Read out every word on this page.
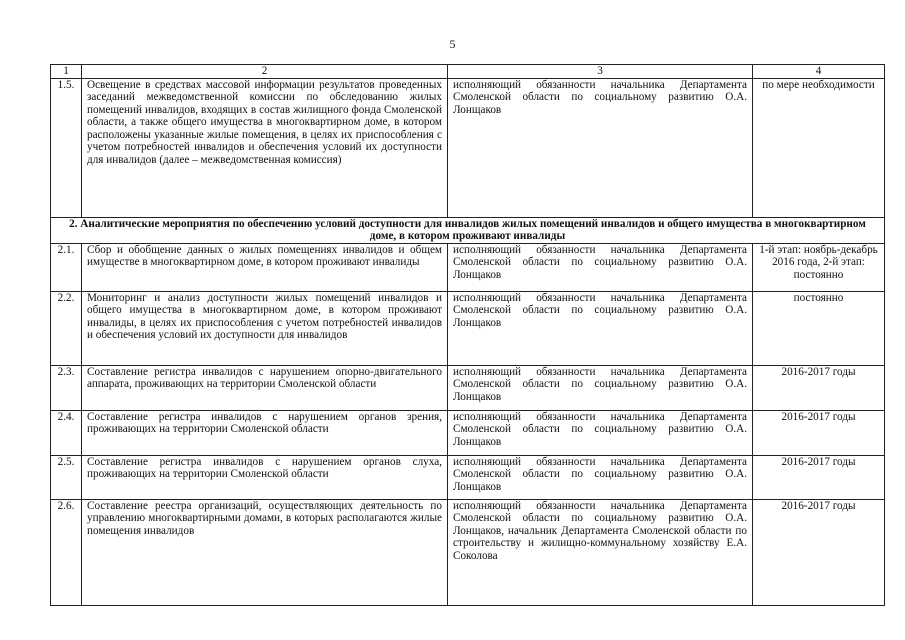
5
1	2	3	4
1.5.	Освещение в средствах массовой информации результатов проведенных заседаний межведомственной комиссии по обследованию жилых помещений инвалидов, входящих в состав жилищного фонда Смоленской области, а также общего имущества в многоквартирном доме, в котором расположены указанные жилые помещения, в целях их приспособления с учетом потребностей инвалидов и обеспечения условий их доступности для инвалидов (далее – межведомственная комиссия)	исполняющий обязанности начальника Департамента Смоленской области по социальному развитию О.А. Лонщаков	по мере необходимости
2. Аналитические мероприятия по обеспечению условий доступности для инвалидов жилых помещений инвалидов и общего имущества в многоквартирном доме, в котором проживают инвалиды			
2.1.	Сбор и обобщение данных о жилых помещениях инвалидов и общем имуществе в многоквартирном доме, в котором проживают инвалиды	исполняющий обязанности начальника Департамента Смоленской области по социальному развитию О.А. Лонщаков	1-й этап: ноябрь-декабрь 2016 года, 2-й этап: постоянно
2.2.	Мониторинг и анализ доступности жилых помещений инвалидов и общего имущества в многоквартирном доме, в котором проживают инвалиды, в целях их приспособления с учетом потребностей инвалидов и обеспечения условий их доступности для инвалидов	исполняющий обязанности начальника Департамента Смоленской области по социальному развитию О.А. Лонщаков	постоянно
2.3.	Составление регистра инвалидов с нарушением опорно-двигательного аппарата, проживающих на территории Смоленской области	исполняющий обязанности начальника Департамента Смоленской области по социальному развитию О.А. Лонщаков	2016-2017 годы
2.4.	Составление регистра инвалидов с нарушением органов зрения, проживающих на территории Смоленской области	исполняющий обязанности начальника Департамента Смоленской области по социальному развитию О.А. Лонщаков	2016-2017 годы
2.5.	Составление регистра инвалидов с нарушением органов слуха, проживающих на территории Смоленской области	исполняющий обязанности начальника Департамента Смоленской области по социальному развитию О.А. Лонщаков	2016-2017 годы
2.6.	Составление реестра организаций, осуществляющих деятельность по управлению многоквартирными домами, в которых располагаются жилые помещения инвалидов	исполняющий обязанности начальника Департамента Смоленской области по социальному развитию О.А. Лонщаков, начальник Департамента Смоленской области по строительству и жилищно-коммунальному хозяйству Е.А. Соколова	2016-2017 годы
